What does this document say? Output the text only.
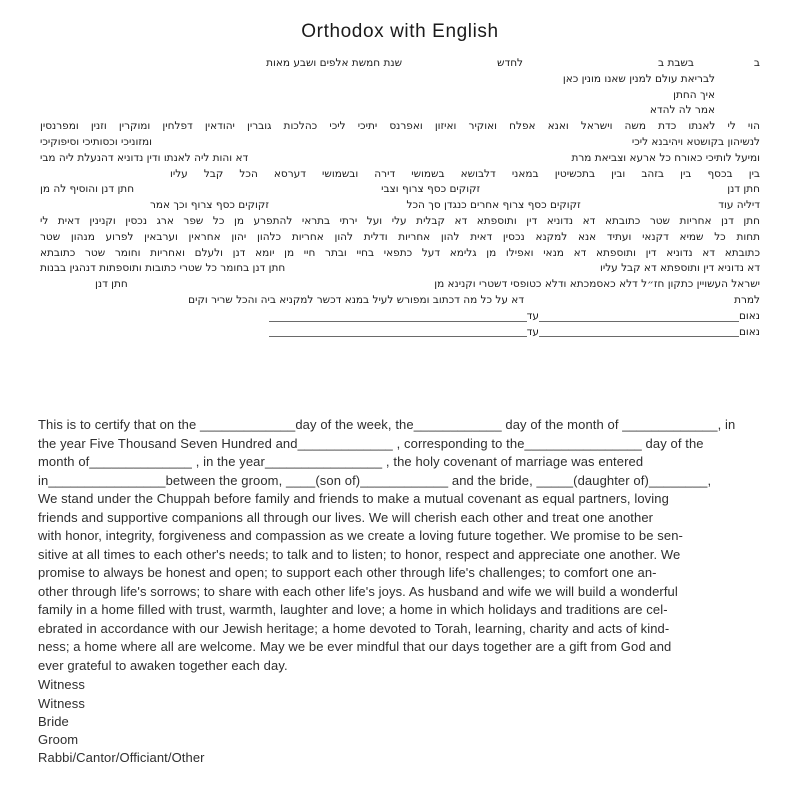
Orthodox with English
ב
בשבת ב
לחדש
שנת חמשת אלפים ושבע מאות
לבריאת עולם למנין שאנו מונין כאן
איך החתן
אמר לה להדא
הוי לי לאנתו כדת משה וישראל ואנא אפלח ואוקיר ואיזון ואפרנס יתיכי ליכי כהלכות גוברין יהודאין דפלחין ומוקרין וזנין ומפרנסין
לנשיהון בקושטא ויהיבנא ליכי
ומזוניכי וכסותיכי וסיפוקיכי
ומיעל לותיכי כאורח כל ארעא וצביאת מרת
דא והות ליה לאנתו ודין נדוניא דהנעלת ליה מבי
בין בכסף בין בזהב ובין בתכשיטין במאני דלבושא בשמושי דירה ובשמושי דערסא הכל קבל עליו
חתן דנן
זקוקים כסף צרוף וצבי
חתן דנן והוסיף לה מן
דיליה עוד
זקוקים כסף צרוף אחרים כנגדן סך הכל
זקוקים כסף צרוף וכך אמר
חתן דנן אחריות שטר כתובתא דא נדוניא דין ותוספתא דא קבלית עלי ועל ירתי בתראי להתפרע מן כל שפר ארג נכסין וקנינין דאית לי
תחות כל שמיא דקנאי ועתיד אנא למקנא נכסין דאית להון אחריות ודלית להון אחריות כלהון יהון אחראין וערבאין לפרוע מנהון שטר
כתובתא דא נדוניא דין ותוספתא דא מנאי ואפילו מן גלימא דעל כתפאי בחיי ובתר חיי מן יומא דנן ולעלם ואחריות וחומר שטר כתובתא
דא נדוניא דין ותוספתא דא קבל עליו
חתן דנן בחומר כל שטרי כתובות ותוספתות דנהגין בבנות
ישראל העשויין כתקון חז״ל דלא כאסמכתא ודלא כטופסי דשטרי וקנינא מן
חתן דנן
למרת
דא על כל מה דכתוב ומפורש לעיל במנא דכשר למקניא ביה והכל שריר וקים
נאום
עד
נאום
עד
This is to certify that on the _____________day of the week, the____________ day of the month of _____________, in
the year Five Thousand Seven Hundred and_____________ , corresponding to the________________ day of the
month of______________ , in the year________________ , the holy covenant of marriage was entered
in________________between the groom, ____(son of)____________ and the bride, _____(daughter of)________,
We stand under the Chuppah before family and friends to make a mutual covenant as equal partners, loving
friends and supportive companions all through our lives. We will cherish each other and treat one another
with honor, integrity, forgiveness and compassion as we create a loving future together. We promise to be sen-
sitive at all times to each other's needs; to talk and to listen; to honor, respect and appreciate one another. We
promise to always be honest and open; to support each other through life's challenges; to comfort one an-
other through life's sorrows; to share with each other life's joys. As husband and wife we will build a wonderful
family in a home filled with trust, warmth, laughter and love; a home in which holidays and traditions are cel-
ebrated in accordance with our Jewish heritage; a home devoted to Torah, learning, charity and acts of kind-
ness; a home where all are welcome. May we be ever mindful that our days together are a gift from God and
ever grateful to awaken together each day.
Witness
Witness
Bride
Groom
Rabbi/Cantor/Officiant/Other
